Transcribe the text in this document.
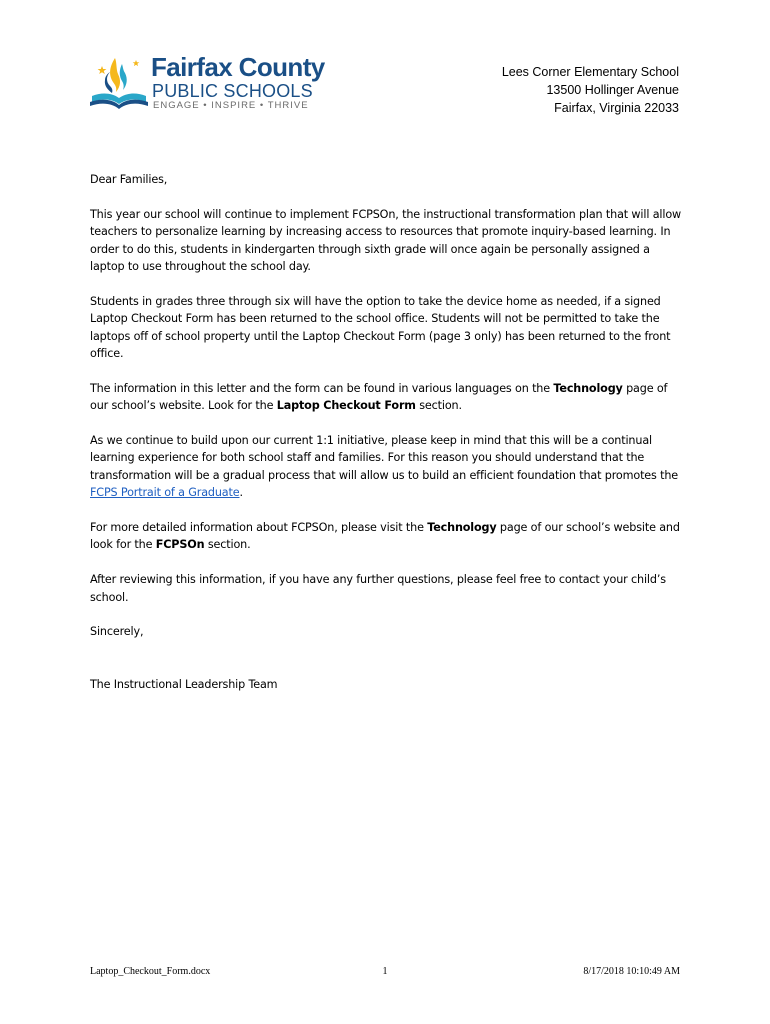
Fairfax County
PUBLIC SCHOOLS
ENGAGE • INSPIRE • THRIVE
Lees Corner Elementary School
13500 Hollinger Avenue
Fairfax, Virginia 22033

Dear Families,

This year our school will continue to implement FCPSOn, the instructional transformation plan that will allow teachers to personalize learning by increasing access to resources that promote inquiry-based learning. In order to do this, students in kindergarten through sixth grade will once again be personally assigned a laptop to use throughout the school day.

Students in grades three through six will have the option to take the device home as needed, if a signed Laptop Checkout Form has been returned to the school office. Students will not be permitted to take the laptops off of school property until the Laptop Checkout Form (page 3 only) has been returned to the front office.

The information in this letter and the form can be found in various languages on the Technology page of our school’s website. Look for the Laptop Checkout Form section.

As we continue to build upon our current 1:1 initiative, please keep in mind that this will be a continual learning experience for both school staff and families. For this reason you should understand that the transformation will be a gradual process that will allow us to build an efficient foundation that promotes the FCPS Portrait of a Graduate.

For more detailed information about FCPSOn, please visit the Technology page of our school’s website and look for the FCPSOn section.

After reviewing this information, if you have any further questions, please feel free to contact your child’s school.

Sincerely,

The Instructional Leadership Team

Laptop_Checkout_Form.docx	1	8/17/2018 10:10:49 AM
